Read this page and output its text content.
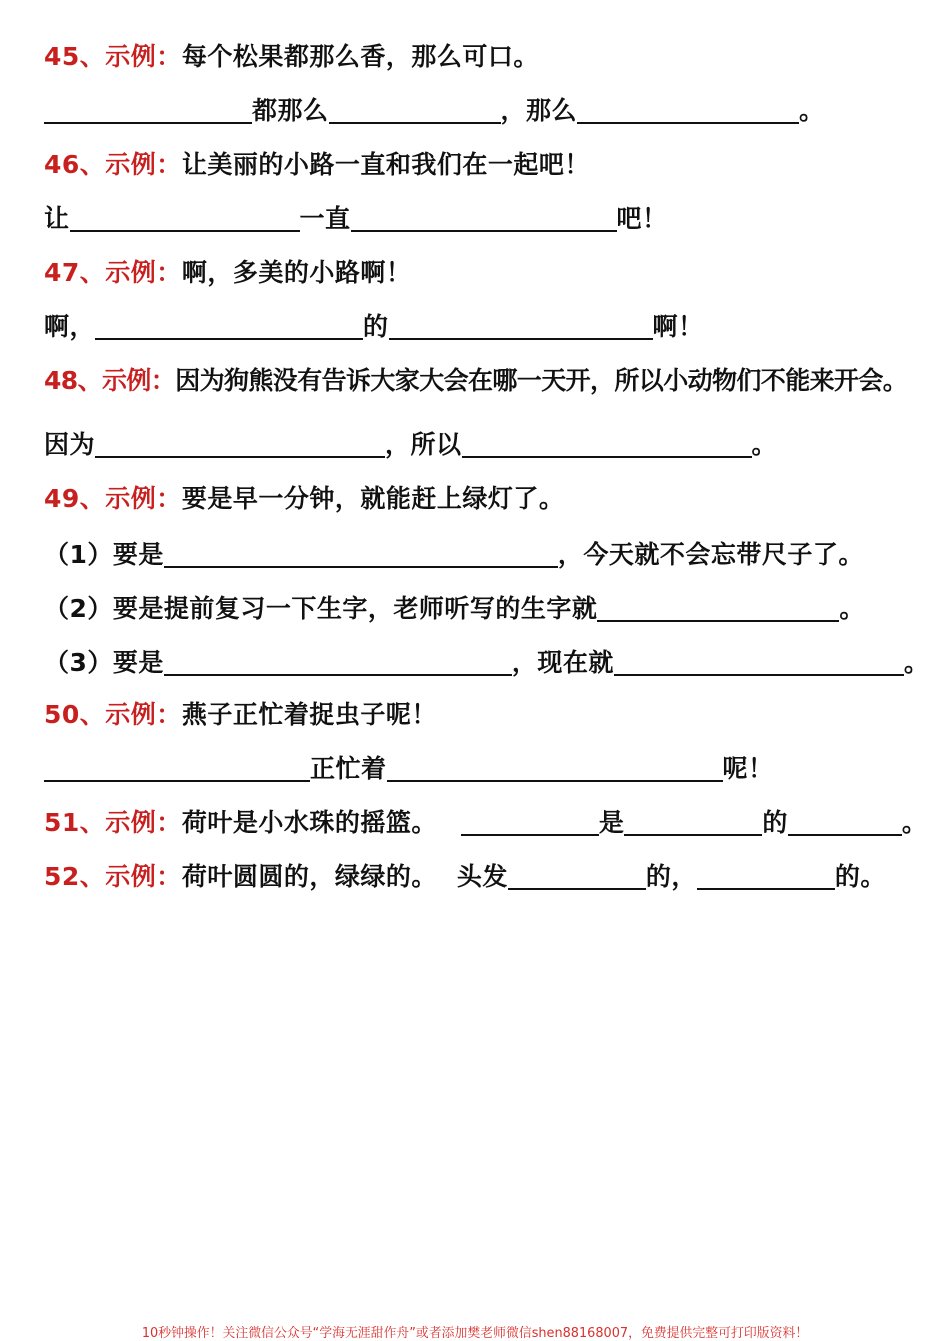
45、 示例： 每个松果都那么香，那么可口。
都那么	，那么	。
46、 示例： 让美丽的小路一直和我们在一起吧！
让	一直	吧！
47、 示例： 啊，多美的小路啊！
啊，	的	啊！
48、 示例： 因为狗熊没有告诉大家大会在哪一天开，所以小动物们不能来开会。
因为	，所以	。
49、 示例： 要是早一分钟，就能赶上绿灯了。
（1）要是	，今天就不会忘带尺子了。
（2）要是提前复习一下生字，老师听写的生字就	。
（3）要是	，现在就	。
50、 示例： 燕子正忙着捉虫子呢！
正忙着	呢！
51、 示例： 荷叶是小水珠的摇篮。	是	的	。
52、 示例： 荷叶圆圆的，绿绿的。 头发	的，	的。
10秒钟操作！关注微信公众号“学海无涯甜作舟”或者添加樊老师微信shen88168007，免费提供完整可打印版资料！
